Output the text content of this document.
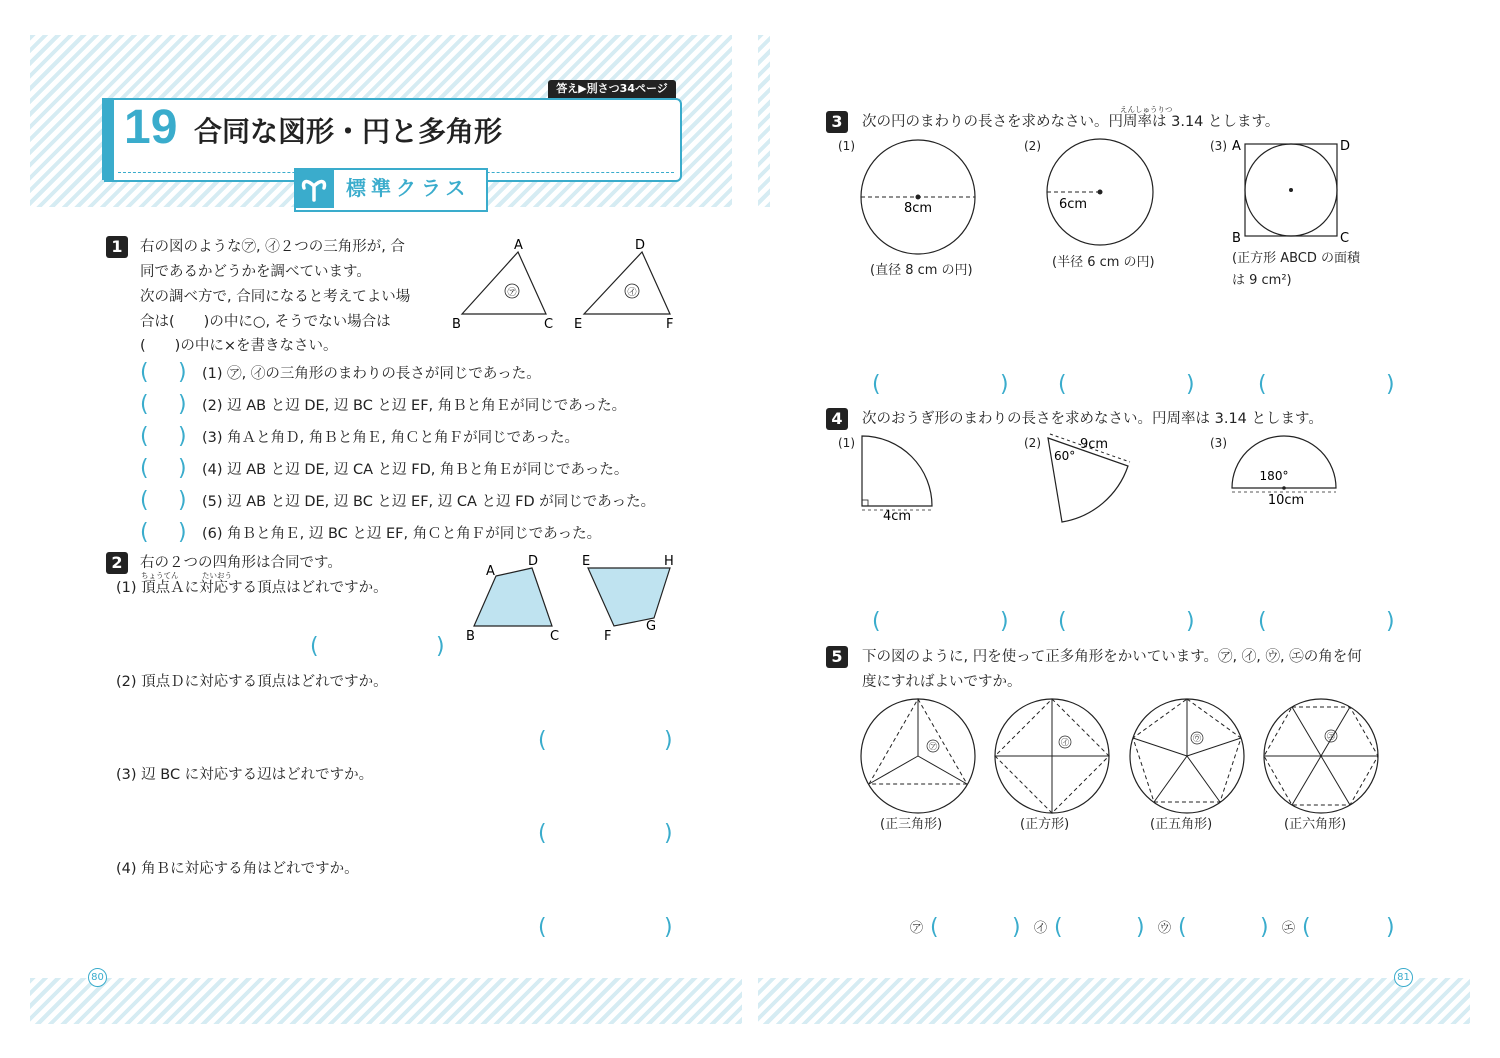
答え▶別さつ34ページ
19 合同な図形・円と多角形
標準クラス
1	右の図のような㋐, ㋑２つの三角形が, 合
同であるかどうかを調べています。
次の調べ方で, 合同になると考えてよい場
合は(　　)の中に○, そうでない場合は
(　　)の中に×を書きなさい。
㋐	㋑
A
B	C
D
E	F
( ) (1) ㋐, ㋑の三角形のまわりの長さが同じであった。
( ) (2) 辺 AB と辺 DE, 辺 BC と辺 EF, 角Ｂと角Ｅが同じであった。
( ) (3) 角Ａと角Ｄ, 角Ｂと角Ｅ, 角Ｃと角Ｆが同じであった。
( ) (4) 辺 AB と辺 DE, 辺 CA と辺 FD, 角Ｂと角Ｅが同じであった。
( ) (5) 辺 AB と辺 DE, 辺 BC と辺 EF, 辺 CA と辺 FD が同じであった。
( ) (6) 角Ｂと角Ｅ, 辺 BC と辺 EF, 角Ｃと角Ｆが同じであった。
2	右の２つの四角形は合同です。
ちょうてん	たいおう
(1) 頂点Ａに対応する頂点はどれですか。
(	)
A
D
B	C
E	H
F
G
(2) 頂点Ｄに対応する頂点はどれですか。
(	)
(3) 辺 BC に対応する辺はどれですか。
(	)
(4) 角Ｂに対応する角はどれですか。
(	)
3
えんしゅうりつ
次の円のまわりの長さを求めなさい。円周率は 3.14 とします。
(1)	(2)	(3)
8cm	6cm
A	D
B	C
(直径 8 cm の円)
(半径 6 cm の円)	(正方形 ABCD の面積
は 9 cm²)
(	) (	)	(	)
4	次のおうぎ形のまわりの長さを求めなさい。円周率は 3.14 とします。
(1)	(2)	(3)
4cm
9cm
60°
180°
10cm
(	) (	)	(	)
5	下の図のように, 円を使って正多角形をかいています。㋐, ㋑, ㋒, ㋓の角を何
度にすればよいですか。
㋐	㋑	㋒	㋓
(正三角形)	(正方形)	(正五角形)	(正六角形)
㋐ (	) ㋑ (	) ㋒ (	) ㋓ (	)
80	81
